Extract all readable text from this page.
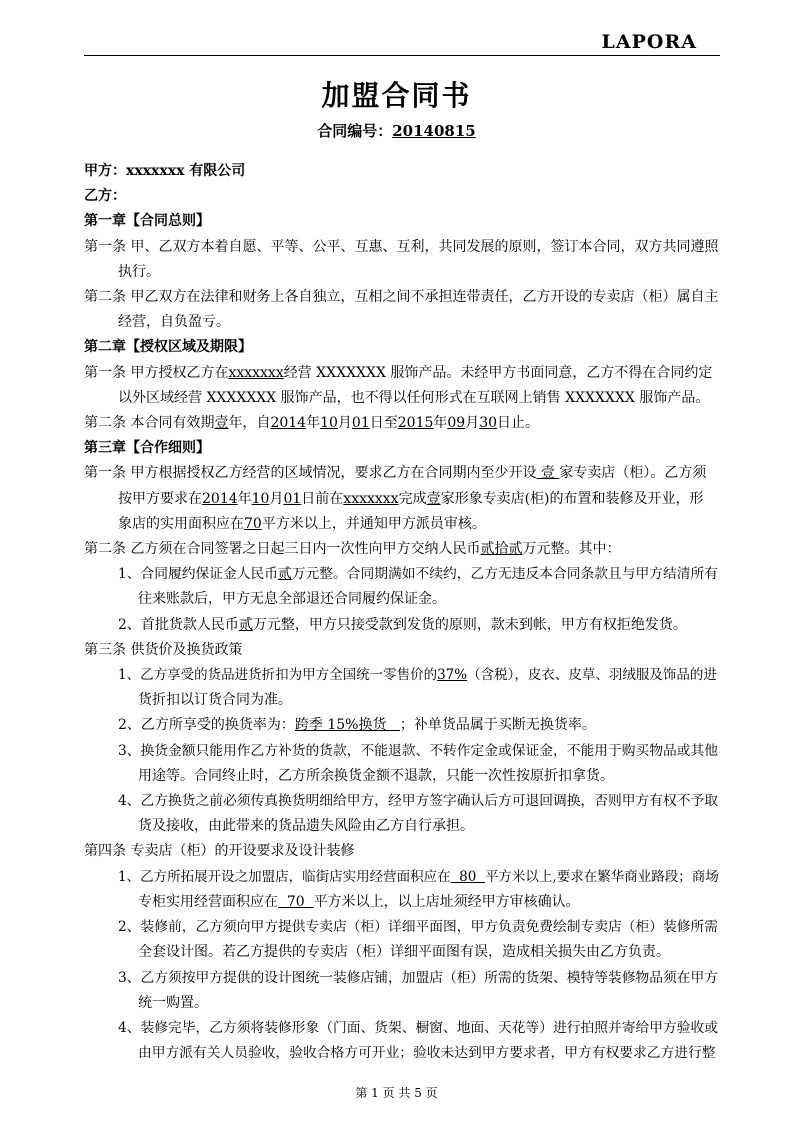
LAPORA
加盟合同书
合同编号：20140815
甲方：xxxxxxx 有限公司
乙方：
第一章【合同总则】
第一条 甲、乙双方本着自愿、平等、公平、互惠、互利，共同发展的原则，签订本合同，双方共同遵照
执行。
第二条 甲乙双方在法律和财务上各自独立，互相之间不承担连带责任，乙方开设的专卖店（柜）属自主
经营，自负盈亏。
第二章【授权区域及期限】
第一条 甲方授权乙方在xxxxxxx经营 XXXXXXX 服饰产品。未经甲方书面同意，乙方不得在合同约定
以外区域经营 XXXXXXX 服饰产品，也不得以任何形式在互联网上销售 XXXXXXX 服饰产品。
第二条 本合同有效期壹年，自2014年10月01日至2015年09月30日止。
第三章【合作细则】
第一条 甲方根据授权乙方经营的区域情况，要求乙方在合同期内至少开设 壹 家专卖店（柜）。乙方须
按甲方要求在2014年10月01日前在xxxxxxx完成壹家形象专卖店(柜)的布置和装修及开业，形
象店的实用面积应在70平方米以上，并通知甲方派员审核。
第二条 乙方须在合同签署之日起三日内一次性向甲方交纳人民币贰拾贰万元整。其中：
1、合同履约保证金人民币贰万元整。合同期满如不续约，乙方无违反本合同条款且与甲方结清所有
往来账款后，甲方无息全部退还合同履约保证金。
2、首批货款人民币贰万元整，甲方只接受款到发货的原则，款未到帐，甲方有权拒绝发货。
第三条 供货价及换货政策
1、乙方享受的货品进货折扣为甲方全国统一零售价的37%（含税），皮衣、皮草、羽绒服及饰品的进
货折扣以订货合同为准。
2、乙方所享受的换货率为：跨季 15%换货   ；补单货品属于买断无换货率。
3、换货金额只能用作乙方补货的货款，不能退款、不转作定金或保证金，不能用于购买物品或其他
用途等。合同终止时，乙方所余换货金额不退款，只能一次性按原折扣拿货。
4、乙方换货之前必须传真换货明细给甲方，经甲方签字确认后方可退回调换，否则甲方有权不予取
货及接收，由此带来的货品遗失风险由乙方自行承担。
第四条 专卖店（柜）的开设要求及设计装修
1、乙方所拓展开设之加盟店，临街店实用经营面积应在  80  平方米以上,要求在繁华商业路段；商场
专柜实用经营面积应在  70  平方米以上，以上店址须经甲方审核确认。
2、装修前，乙方须向甲方提供专卖店（柜）详细平面图，甲方负责免费绘制专卖店（柜）装修所需
全套设计图。若乙方提供的专卖店（柜）详细平面图有误，造成相关损失由乙方负责。
3、乙方须按甲方提供的设计图统一装修店铺，加盟店（柜）所需的货架、模特等装修物品须在甲方
统一购置。
4、装修完毕，乙方须将装修形象（门面、货架、橱窗、地面、天花等）进行拍照并寄给甲方验收或
由甲方派有关人员验收，验收合格方可开业；验收未达到甲方要求者，甲方有权要求乙方进行整
第 1 页 共 5 页
